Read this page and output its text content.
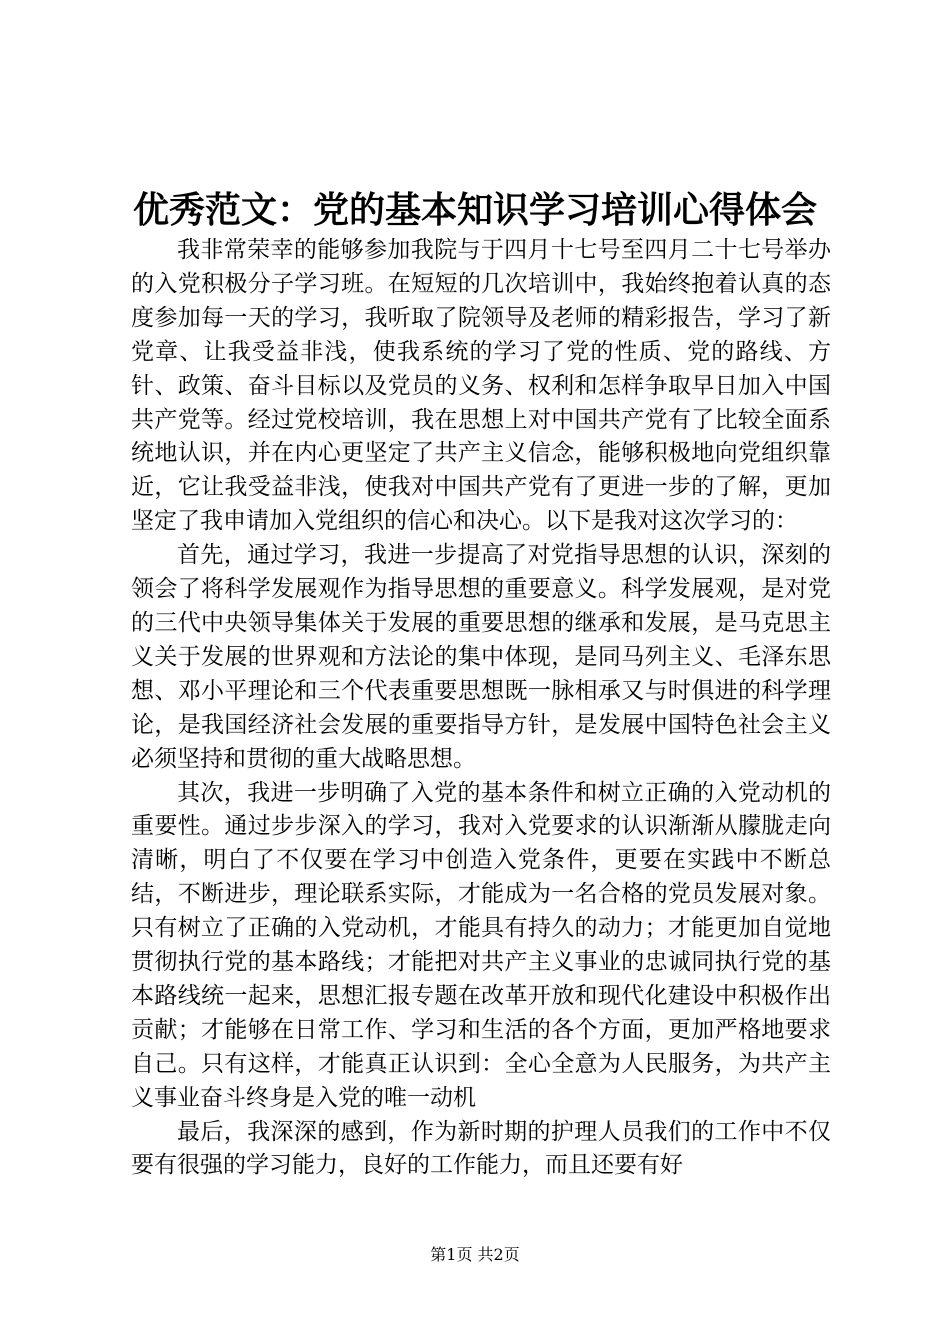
优秀范文：党的基本知识学习培训心得体会

我非常荣幸的能够参加我院与于四月十七号至四月二十七号举办的入党积极分子学习班。在短短的几次培训中，我始终抱着认真的态度参加每一天的学习，我听取了院领导及老师的精彩报告，学习了新党章、让我受益非浅，使我系统的学习了党的性质、党的路线、方针、政策、奋斗目标以及党员的义务、权利和怎样争取早日加入中国共产党等。经过党校培训，我在思想上对中国共产党有了比较全面系统地认识，并在内心更坚定了共产主义信念，能够积极地向党组织靠近，它让我受益非浅，使我对中国共产党有了更进一步的了解，更加坚定了我申请加入党组织的信心和决心。以下是我对这次学习的：

首先，通过学习，我进一步提高了对党指导思想的认识，深刻的领会了将科学发展观作为指导思想的重要意义。科学发展观，是对党的三代中央领导集体关于发展的重要思想的继承和发展，是马克思主义关于发展的世界观和方法论的集中体现，是同马列主义、毛泽东思想、邓小平理论和三个代表重要思想既一脉相承又与时俱进的科学理论，是我国经济社会发展的重要指导方针，是发展中国特色社会主义必须坚持和贯彻的重大战略思想。

其次，我进一步明确了入党的基本条件和树立正确的入党动机的重要性。通过步步深入的学习，我对入党要求的认识渐渐从朦胧走向清晰，明白了不仅要在学习中创造入党条件，更要在实践中不断总结，不断进步，理论联系实际，才能成为一名合格的党员发展对象。只有树立了正确的入党动机，才能具有持久的动力；才能更加自觉地贯彻执行党的基本路线；才能把对共产主义事业的忠诚同执行党的基本路线统一起来，思想汇报专题在改革开放和现代化建设中积极作出贡献；才能够在日常工作、学习和生活的各个方面，更加严格地要求自己。只有这样，才能真正认识到：全心全意为人民服务，为共产主义事业奋斗终身是入党的唯一动机

最后，我深深的感到，作为新时期的护理人员我们的工作中不仅要有很强的学习能力，良好的工作能力，而且还要有好

第1页 共2页
